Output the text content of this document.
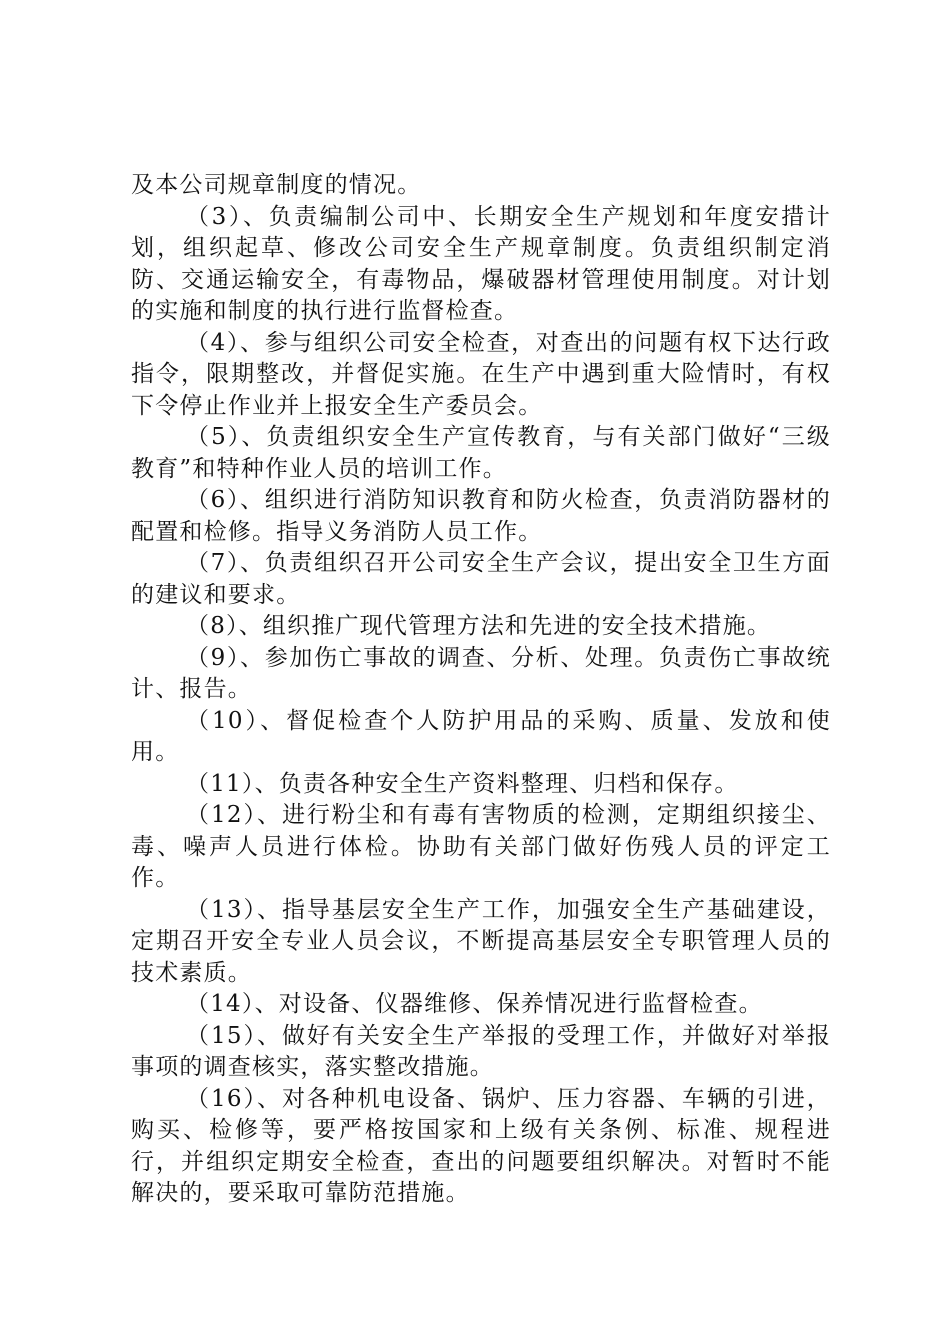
及本公司规章制度的情况。

（3）、负责编制公司中、长期安全生产规划和年度安措计划，组织起草、修改公司安全生产规章制度。负责组织制定消防、交通运输安全，有毒物品，爆破器材管理使用制度。对计划的实施和制度的执行进行监督检查。

（4）、参与组织公司安全检查，对查出的问题有权下达行政指令，限期整改，并督促实施。在生产中遇到重大险情时，有权下令停止作业并上报安全生产委员会。

（5）、负责组织安全生产宣传教育，与有关部门做好“三级教育”和特种作业人员的培训工作。

（6）、组织进行消防知识教育和防火检查，负责消防器材的配置和检修。指导义务消防人员工作。

（7）、负责组织召开公司安全生产会议，提出安全卫生方面的建议和要求。

（8）、组织推广现代管理方法和先进的安全技术措施。

（9）、参加伤亡事故的调查、分析、处理。负责伤亡事故统计、报告。

（10）、督促检查个人防护用品的采购、质量、发放和使用。

（11）、负责各种安全生产资料整理、归档和保存。

（12）、进行粉尘和有毒有害物质的检测，定期组织接尘、毒、噪声人员进行体检。协助有关部门做好伤残人员的评定工作。

（13）、指导基层安全生产工作，加强安全生产基础建设，定期召开安全专业人员会议，不断提高基层安全专职管理人员的技术素质。

（14）、对设备、仪器维修、保养情况进行监督检查。

（15）、做好有关安全生产举报的受理工作，并做好对举报事项的调查核实，落实整改措施。

（16）、对各种机电设备、锅炉、压力容器、车辆的引进，购买、检修等，要严格按国家和上级有关条例、标准、规程进行，并组织定期安全检查，查出的问题要组织解决。对暂时不能解决的，要采取可靠防范措施。
